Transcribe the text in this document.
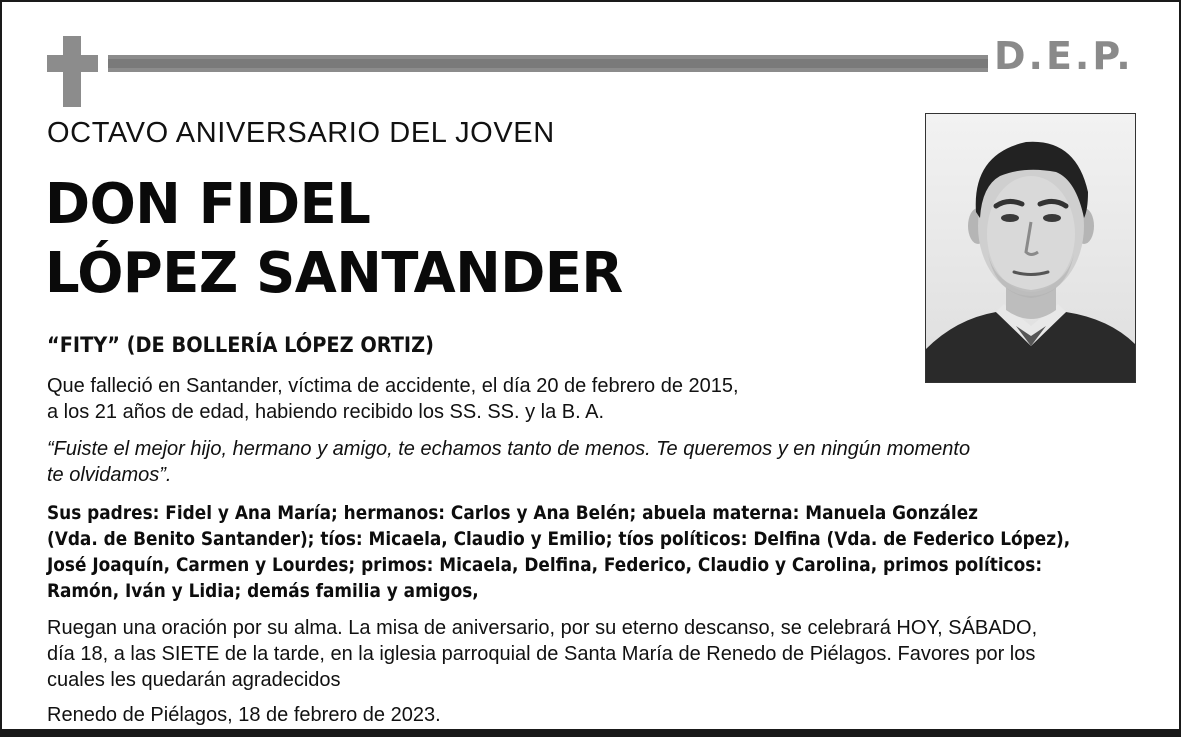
D.E.P.
OCTAVO ANIVERSARIO DEL JOVEN
DON FIDEL
LÓPEZ SANTANDER
“FITY” (DE BOLLERÍA LÓPEZ ORTIZ)
Que falleció en Santander, víctima de accidente, el día 20 de febrero de 2015,
a los 21 años de edad, habiendo recibido los SS. SS. y la B. A.
“Fuiste el mejor hijo, hermano y amigo, te echamos tanto de menos. Te queremos y en ningún momento
te olvidamos”.
Sus padres: Fidel y Ana María; hermanos: Carlos y Ana Belén; abuela materna: Manuela González
(Vda. de Benito Santander); tíos: Micaela, Claudio y Emilio; tíos políticos: Delfina (Vda. de Federico López),
José Joaquín, Carmen y Lourdes; primos: Micaela, Delfina, Federico, Claudio y Carolina, primos políticos:
Ramón, Iván y Lidia; demás familia y amigos,
Ruegan una oración por su alma. La misa de aniversario, por su eterno descanso, se celebrará HOY, SÁBADO,
día 18, a las SIETE de la tarde, en la iglesia parroquial de Santa María de Renedo de Piélagos. Favores por los
cuales les quedarán agradecidos
Renedo de Piélagos, 18 de febrero de 2023.
